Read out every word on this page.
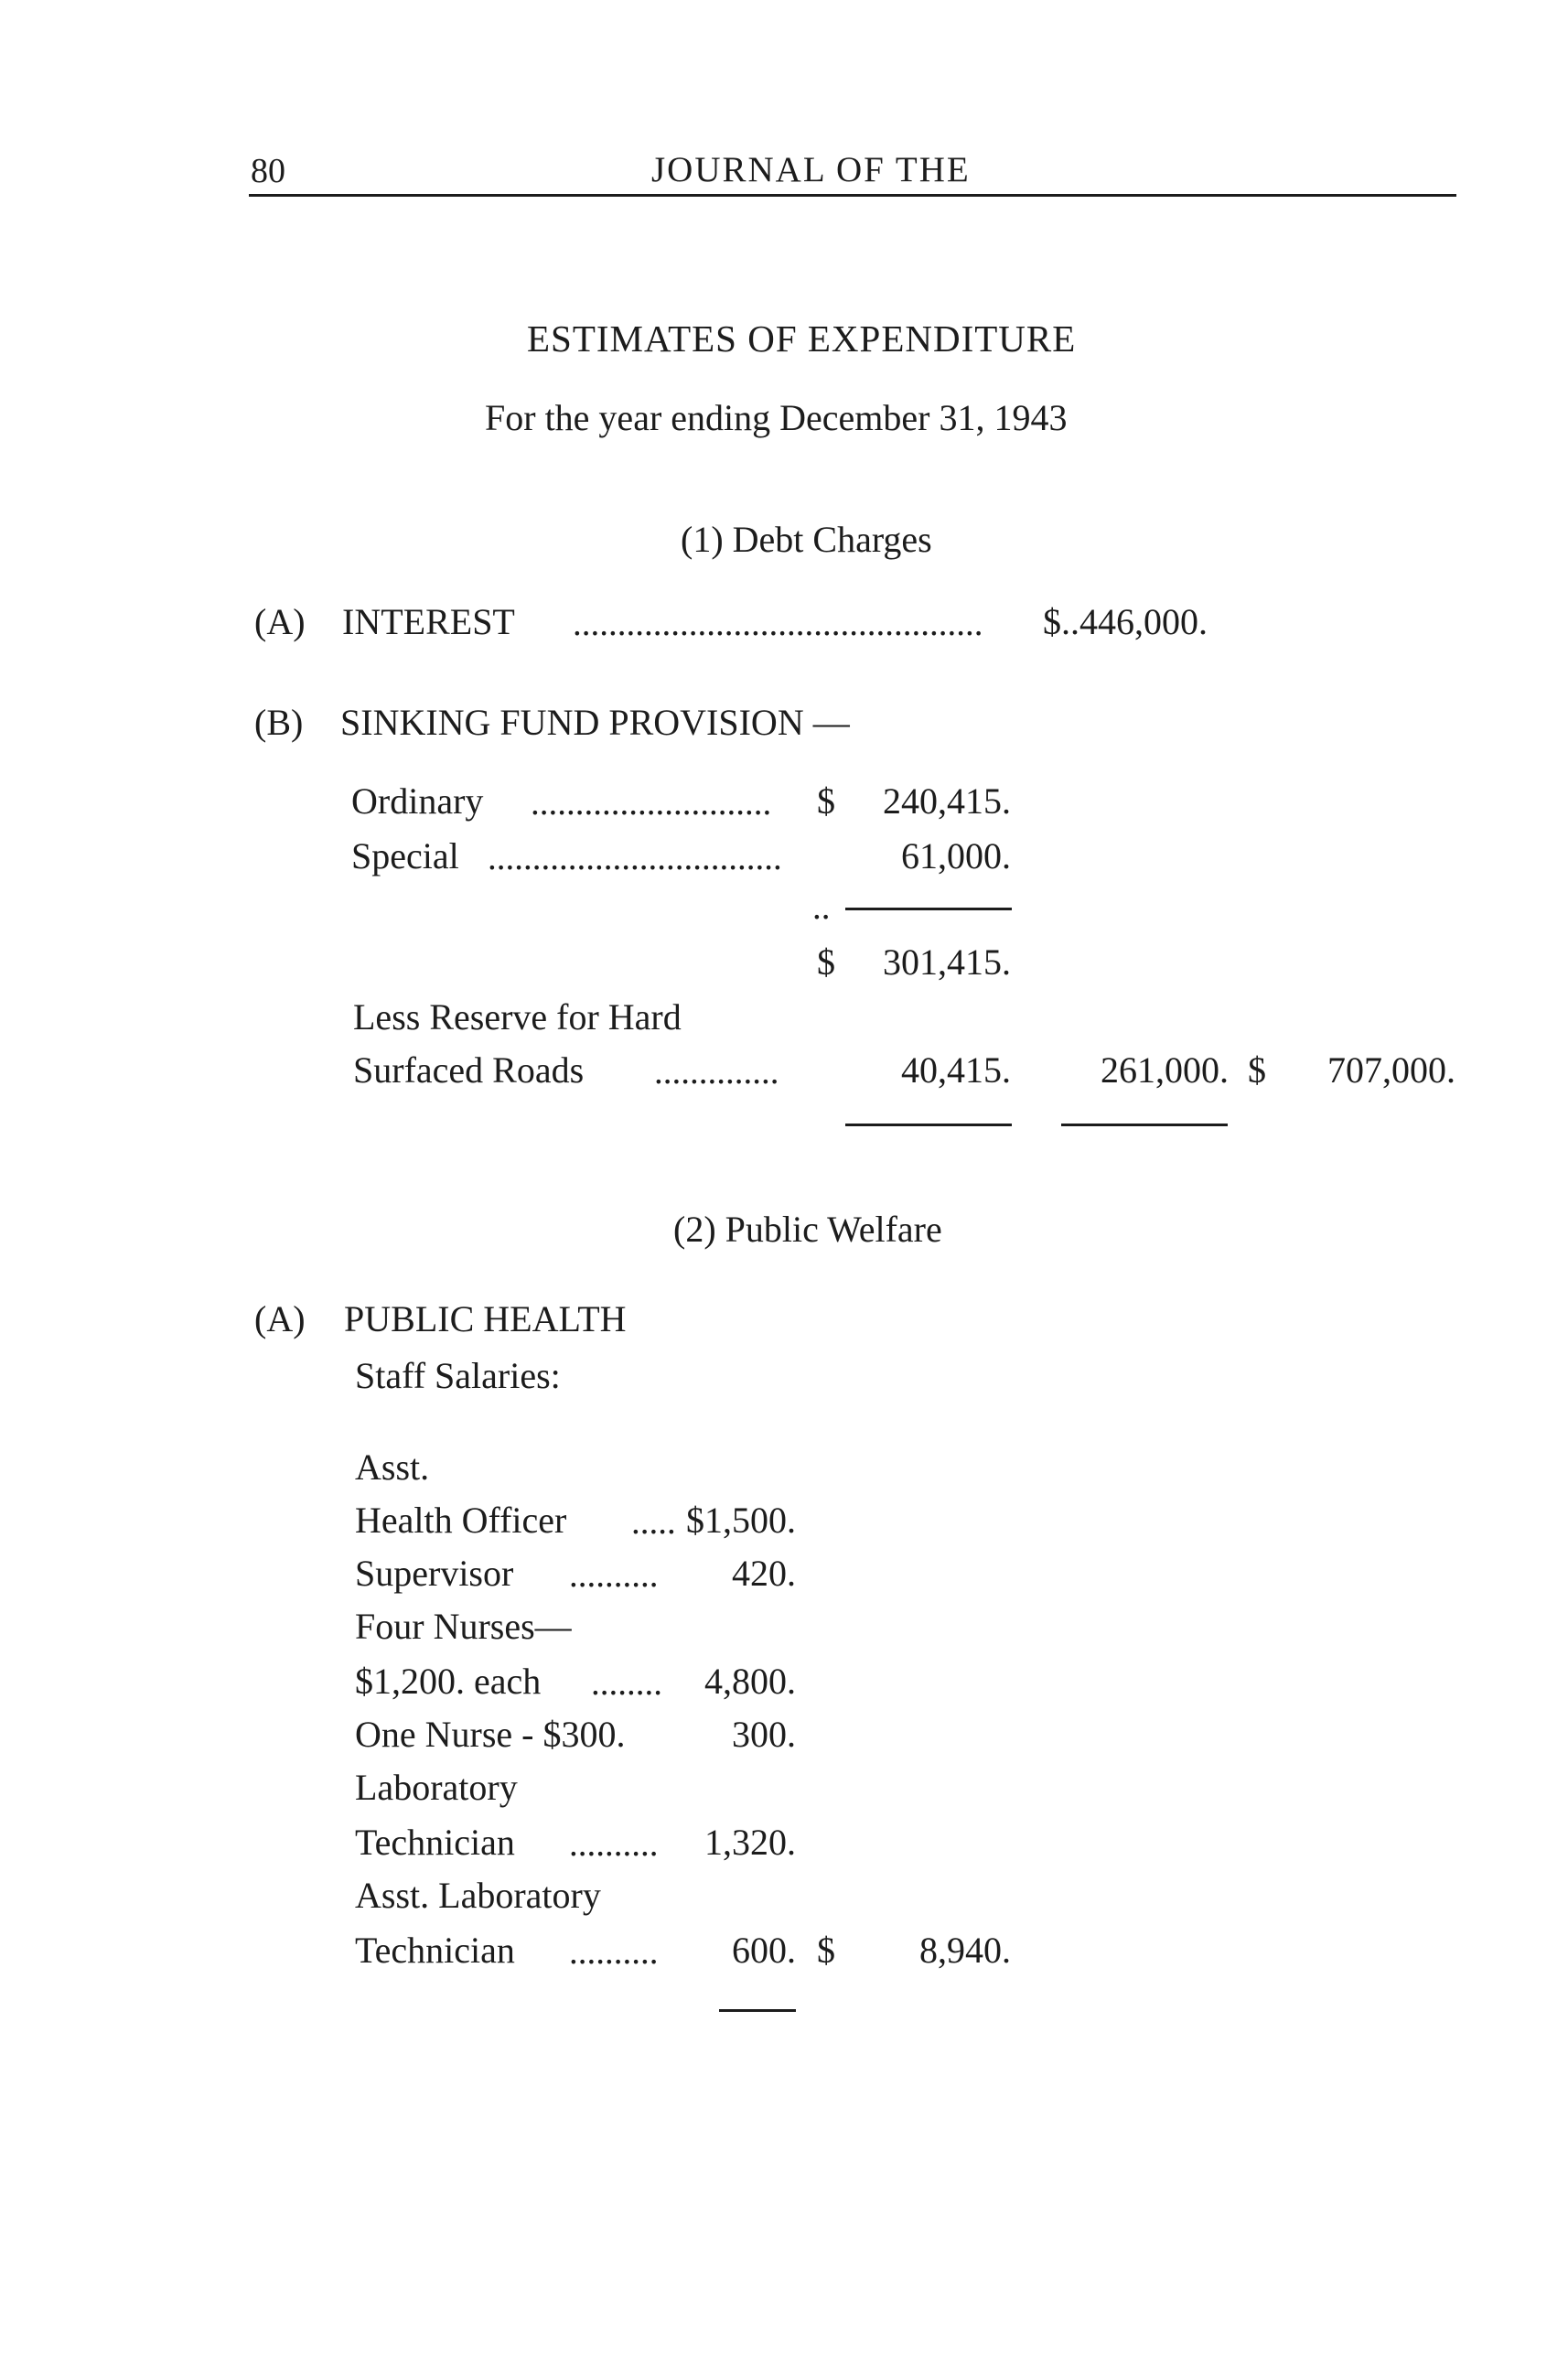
80	JOURNAL OF THE
ESTIMATES OF EXPENDITURE
For the year ending December 31, 1943
(1) Debt Charges
(A) INTEREST .............................................. $..446,000.
(B) SINKING FUND PROVISION —
Ordinary ........................... $	240,415.
Special .................................	61,000.
..
$	301,415.
Less Reserve for Hard
Surfaced Roads ..............	40,415.	261,000. $	707,000.
(2) Public Welfare
(A) PUBLIC HEALTH
Staff Salaries:
Asst.
Health Officer ..... $1,500.
Supervisor ..........	420.
Four Nurses—
$1,200. each ........	4,800.
One Nurse - $300.	300.
Laboratory
Technician ..........	1,320.
Asst. Laboratory
Technician ..........	600. $	8,940.
